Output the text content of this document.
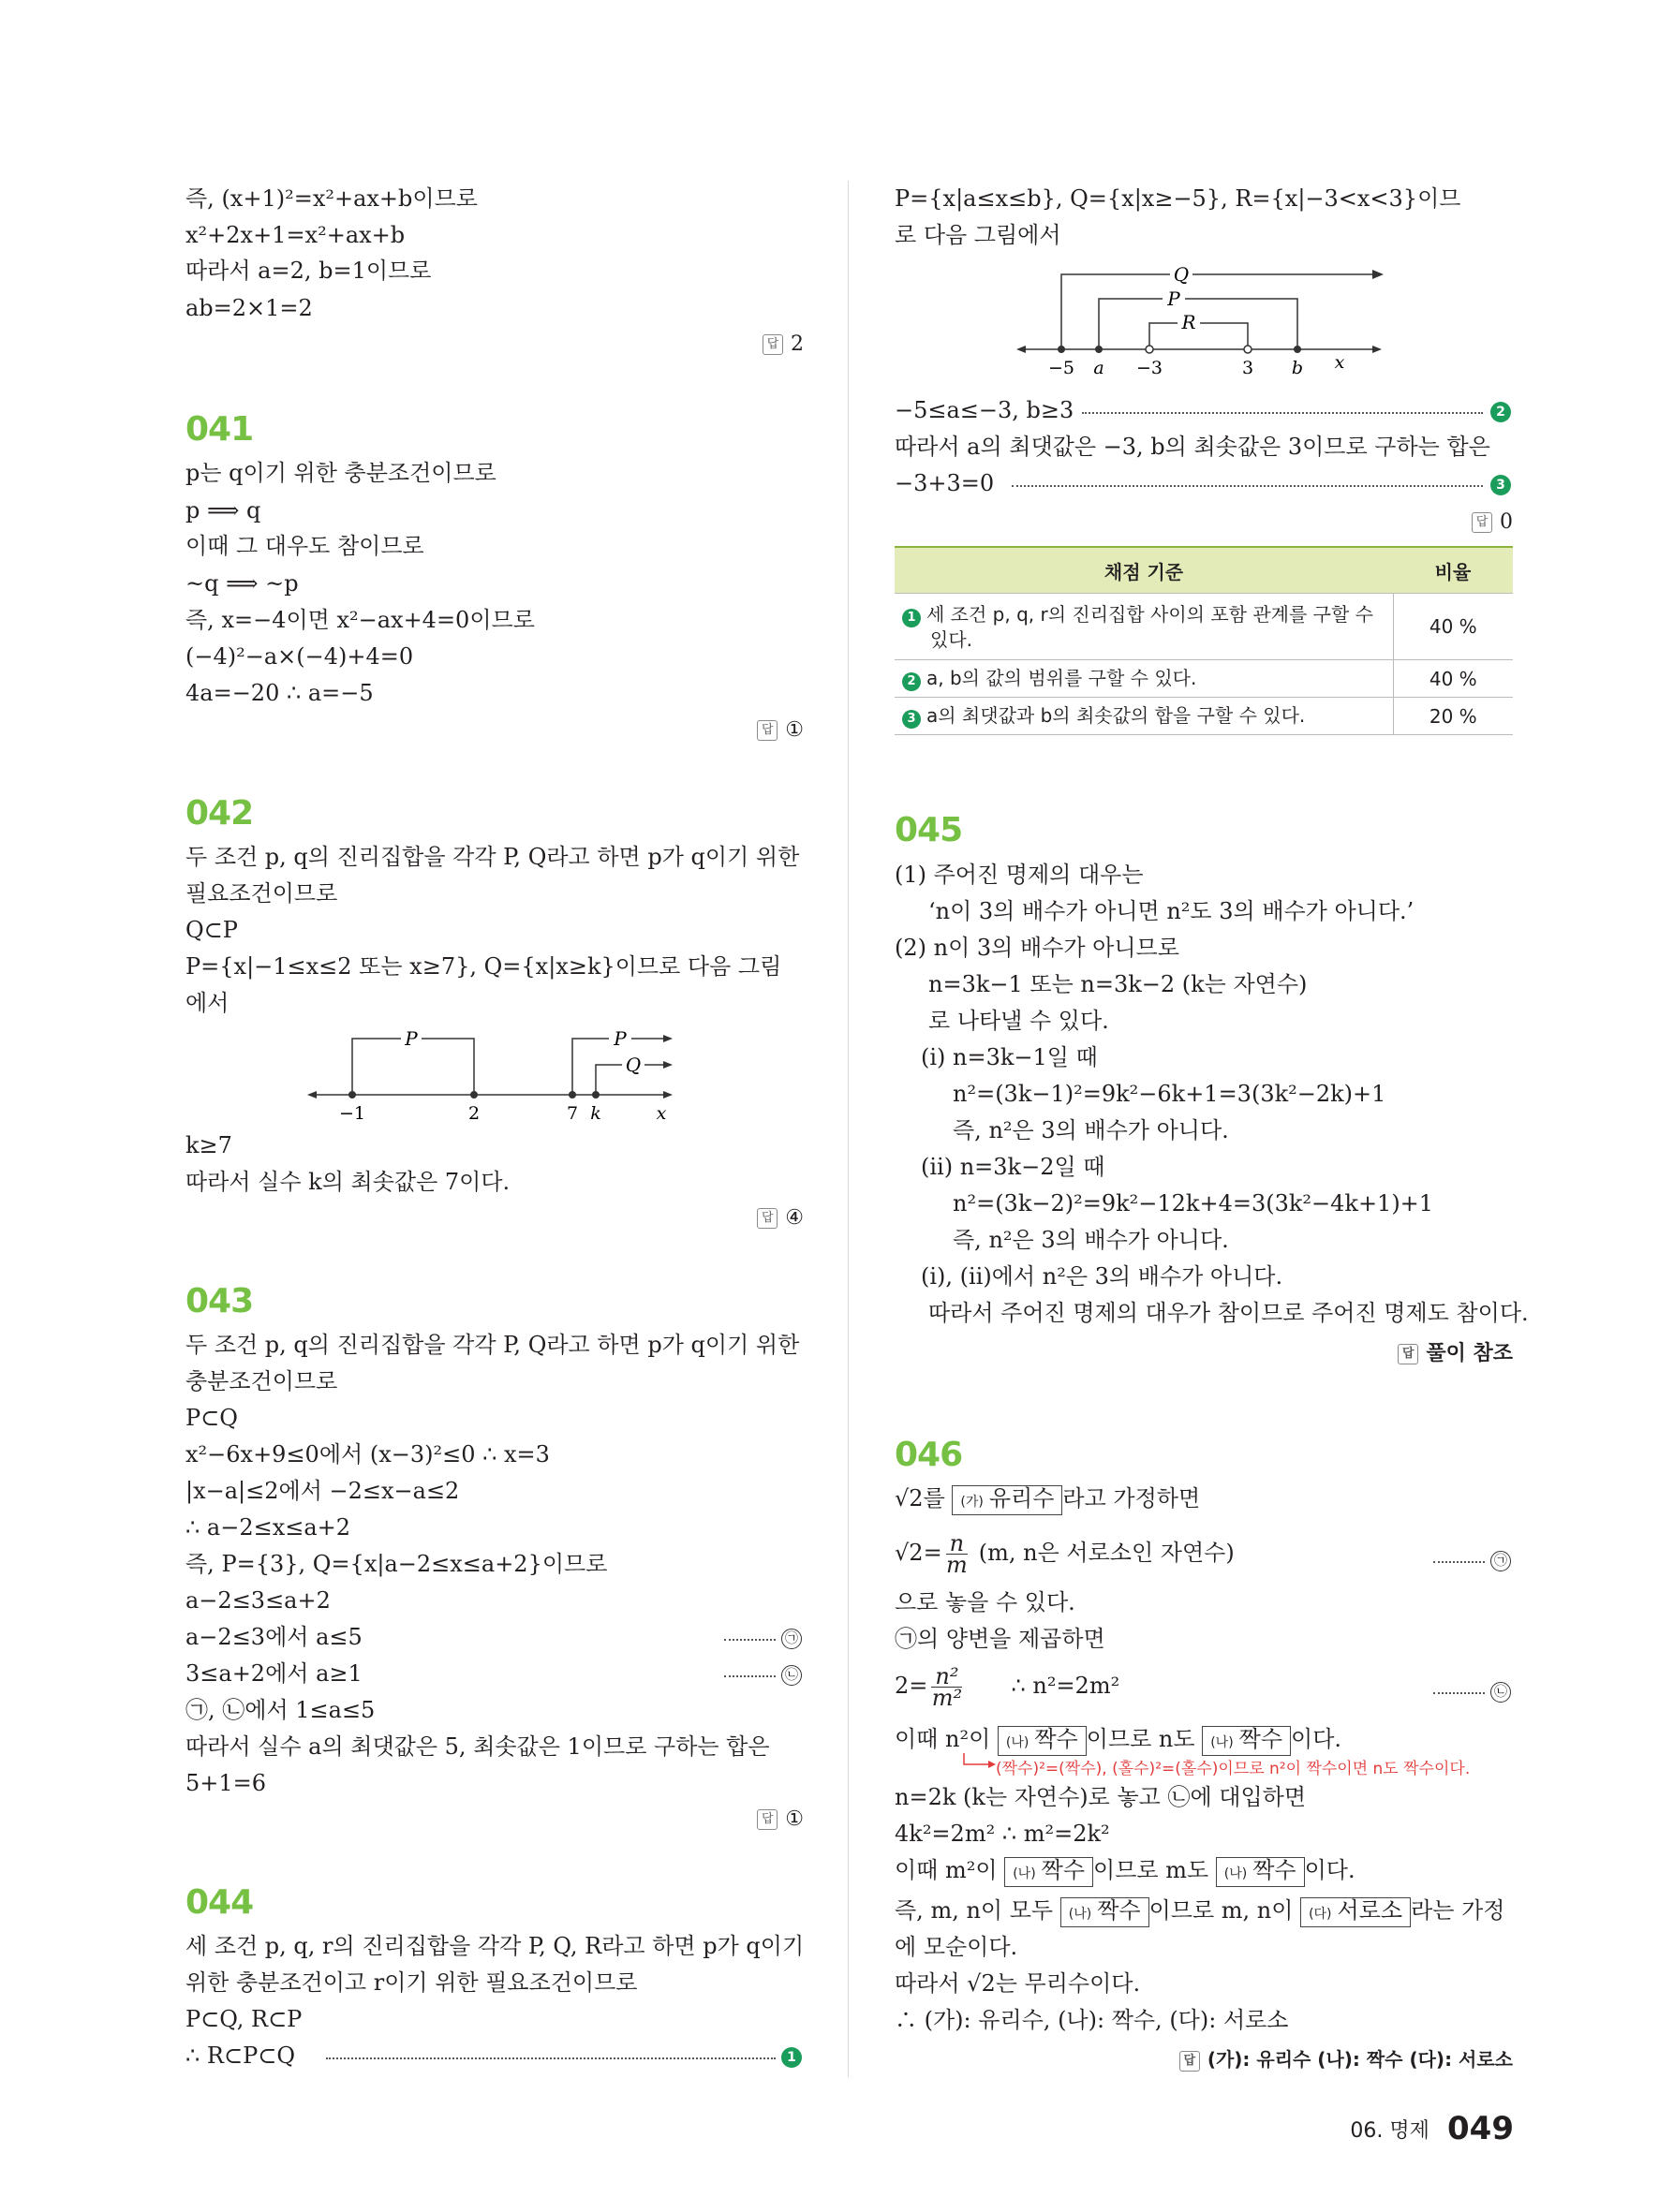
즉, (x+1)²=x²+ax+b이므로
x²+2x+1=x²+ax+b
따라서 a=2, b=1이므로
ab=2×1=2
답 2
041
p는 q이기 위한 충분조건이므로
p ⟹ q
이때 그 대우도 참이므로
~q ⟹ ~p
즉, x=−4이면 x²−ax+4=0이므로
(−4)²−a×(−4)+4=0
4a=−20 ∴ a=−5
답 ①
042
두 조건 p, q의 진리집합을 각각 P, Q라고 하면 p가 q이기 위한
필요조건이므로
Q⊂P
P={x|−1≤x≤2 또는 x≥7}, Q={x|x≥k}이므로 다음 그림
에서
P	P
Q
−1	2	7 k	x
k≥7
따라서 실수 k의 최솟값은 7이다.
답 ④
043
두 조건 p, q의 진리집합을 각각 P, Q라고 하면 p가 q이기 위한
충분조건이므로
P⊂Q
x²−6x+9≤0에서 (x−3)²≤0 ∴ x=3
|x−a|≤2에서 −2≤x−a≤2
∴ a−2≤x≤a+2
즉, P={3}, Q={x|a−2≤x≤a+2}이므로
a−2≤3≤a+2
a−2≤3에서 a≤5	㉠
3≤a+2에서 a≥1	㉡
㉠, ㉡에서 1≤a≤5
따라서 실수 a의 최댓값은 5, 최솟값은 1이므로 구하는 합은
5+1=6
답 ①
044
세 조건 p, q, r의 진리집합을 각각 P, Q, R라고 하면 p가 q이기
위한 충분조건이고 r이기 위한 필요조건이므로
P⊂Q, R⊂P
∴ R⊂P⊂Q	1
P={x|a≤x≤b}, Q={x|x≥−5}, R={x|−3<x<3}이므
로 다음 그림에서
Q
P
R
−5 a −3	3 b x
−5≤a≤−3, b≥3	2
따라서 a의 최댓값은 −3, b의 최솟값은 3이므로 구하는 합은
−3+3=0	3
답 0
채점 기준	비율
1 세 조건 p, q, r의 진리집합 사이의 포함 관계를 구할 수
있다.	40 %
2 a, b의 값의 범위를 구할 수 있다.	40 %
3 a의 최댓값과 b의 최솟값의 합을 구할 수 있다.	20 %
045
(1) 주어진 명제의 대우는
‘n이 3의 배수가 아니면 n²도 3의 배수가 아니다.’
(2) n이 3의 배수가 아니므로
n=3k−1 또는 n=3k−2 (k는 자연수)
로 나타낼 수 있다.
(ⅰ) n=3k−1일 때
n²=(3k−1)²=9k²−6k+1=3(3k²−2k)+1
즉, n²은 3의 배수가 아니다.
(ⅱ) n=3k−2일 때
n²=(3k−2)²=9k²−12k+4=3(3k²−4k+1)+1
즉, n²은 3의 배수가 아니다.
(ⅰ), (ⅱ)에서 n²은 3의 배수가 아니다.
따라서 주어진 명제의 대우가 참이므로 주어진 명제도 참이다.
답 풀이 참조
046
√2를 (가) 유리수 라고 가정하면
$√2= \frac{n}{m} (m$, n은 서로소인 자연수)	㉠
으로 놓을 수 있다.
㉠의 양변을 제곱하면
$2= \frac{\text{n²}}{\text{m²}}$ ∴ n²=2m²	㉡
이때 n²이 (나) 짝수 이므로 n도 (나) 짝수 이다.
(짝수)²=(짝수), (홀수)²=(홀수)이므로 n²이 짝수이면 n도 짝수이다.
n=2k (k는 자연수)로 놓고 ㉡에 대입하면
4k²=2m² ∴ m²=2k²
이때 m²이 (나) 짝수 이므로 m도 (나) 짝수 이다.
즉, m, n이 모두 (나) 짝수 이므로 m, n이 (다) 서로소 라는 가정
에 모순이다.
따라서 √2는 무리수이다.
∴ (가): 유리수, (나): 짝수, (다): 서로소
답 (가): 유리수 (나): 짝수 (다): 서로소
06. 명제 049
